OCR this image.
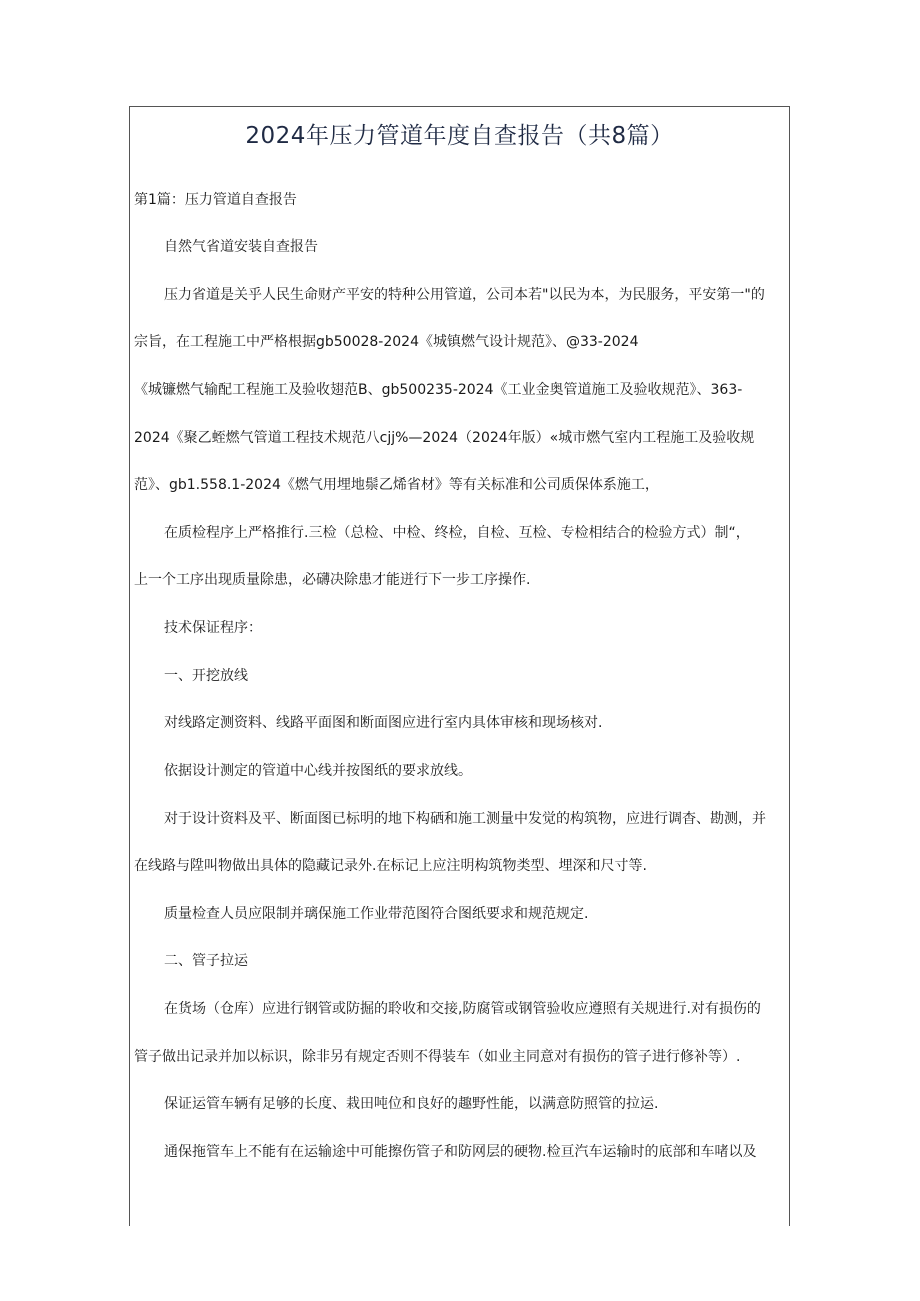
2024年压力管道年度自查报告（共8篇）
第1篇：压力管道自查报告
自然气省道安装自查报告
压力省道是关乎人民生命财产平安的特种公用管道，公司本若"以民为本，为民服务，平安第一"的
宗旨，在工程施工中严格根据gb50028-2024《城镇燃气设计规范》、@33-2024
《城镰燃气输配工程施工及验收翅范B、gb500235-2024《工业金奥管道施工及验收规范》、363-
2024《聚乙蛭燃气管道工程技术规范八cjj%—2024（2024年版）«城市燃气室内工程施工及验收规
范》、gb1.558.1-2024《燃气用埋地鬃乙烯省材》等有关标准和公司质保体系施工，
在质检程序上严格推行.三检（总检、中检、终检，自检、互检、专检相结合的检验方式）制“，
上一个工序出现质量除患，必礴决除患才能迸行下一步工序操作.
技术保证程序：
一、开挖放线
对线路定测资料、线路平面图和断面图应进行室内具体审核和现场核对.
依据设计测定的管道中心线并按图纸的要求放线。
对于设计资料及平、断面图已标明的地下构硒和施工测量中发觉的构筑物，应进行调杳、勘测，并
在线路与陞叫物做出具体的隐藏记录外.在标记上应注明构筑物类型、埋深和尺寸等.
质量检查人员应限制并璃保施工作业带范图符合图纸要求和规范规定.
二、管子拉运
在货场（仓库）应进行钢管或防掘的聆收和交接,防腐管或钢管验收应遵照有关规进行.对有损伤的
管子做出记录并加以标识，除非另有规定否则不得装车（如业主同意对有损伤的管子进行修补等）.
保证运管车辆有足够的长度、栽田吨位和良好的趣野性能，以满意防照管的拉运.
通保拖管车上不能有在运输途中可能擦伤管子和防网层的硬物.检亘汽车运输时的底部和车啫以及
